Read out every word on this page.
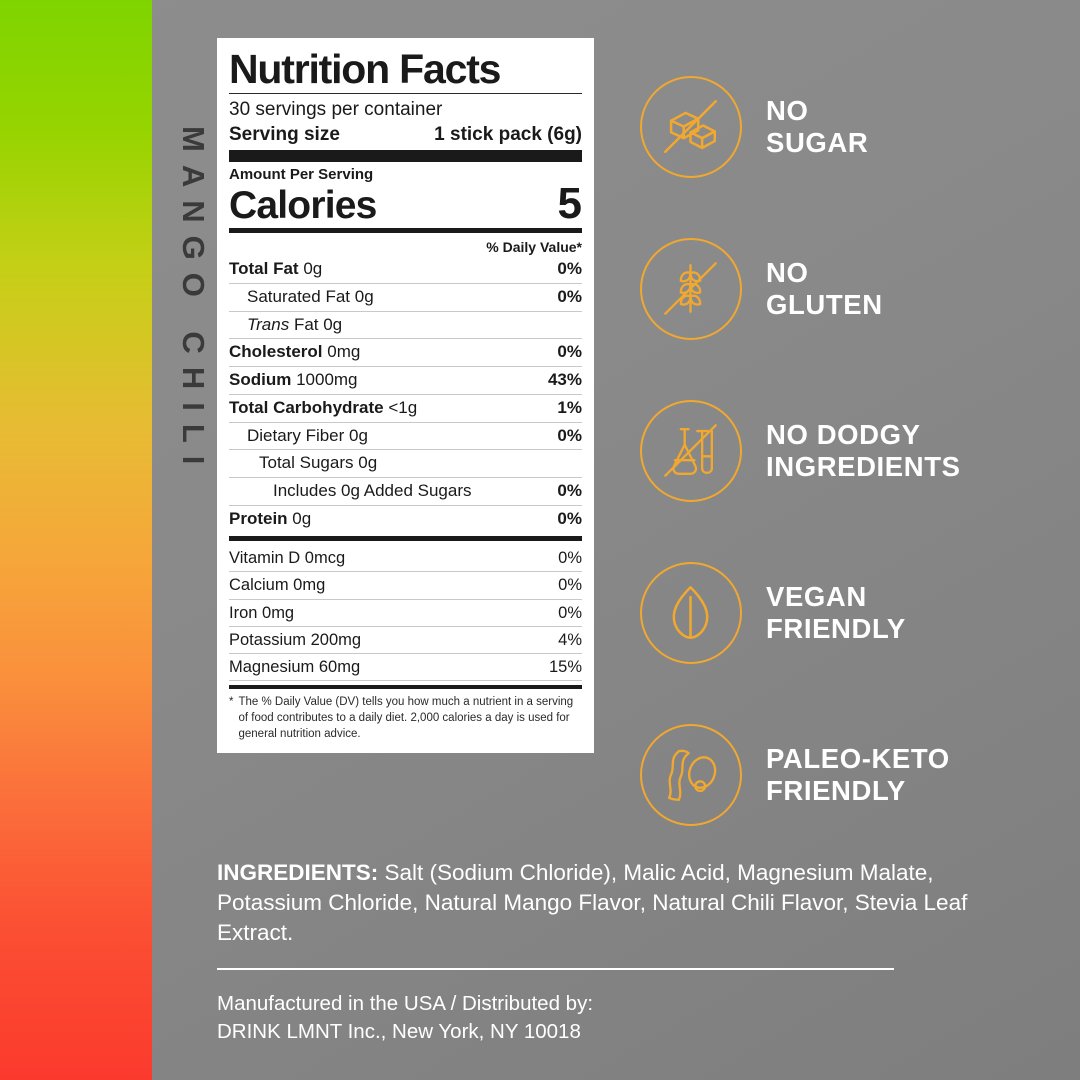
MANGO CHILI
Nutrition Facts
30 servings per container
Serving size	1 stick pack (6g)
Amount Per Serving
Calories	5
% Daily Value*
Total Fat 0g	0%
Saturated Fat 0g	0%
Trans Fat 0g
Cholesterol 0mg	0%
Sodium 1000mg	43%
Total Carbohydrate <1g	1%
Dietary Fiber 0g	0%
Total Sugars 0g
Includes 0g Added Sugars	0%
Protein 0g	0%
Vitamin D 0mcg	0%
Calcium 0mg	0%
Iron 0mg	0%
Potassium 200mg	4%
Magnesium 60mg	15%
* The % Daily Value (DV) tells you how much a nutrient in a serving of food contributes to a daily diet. 2,000 calories a day is used for general nutrition advice.
NO
SUGAR
NO
GLUTEN
NO DODGY
INGREDIENTS
VEGAN
FRIENDLY
PALEO-KETO
FRIENDLY
INGREDIENTS: Salt (Sodium Chloride), Malic Acid, Magnesium Malate, Potassium Chloride, Natural Mango Flavor, Natural Chili Flavor, Stevia Leaf Extract.
Manufactured in the USA / Distributed by:
DRINK LMNT Inc., New York, NY 10018
